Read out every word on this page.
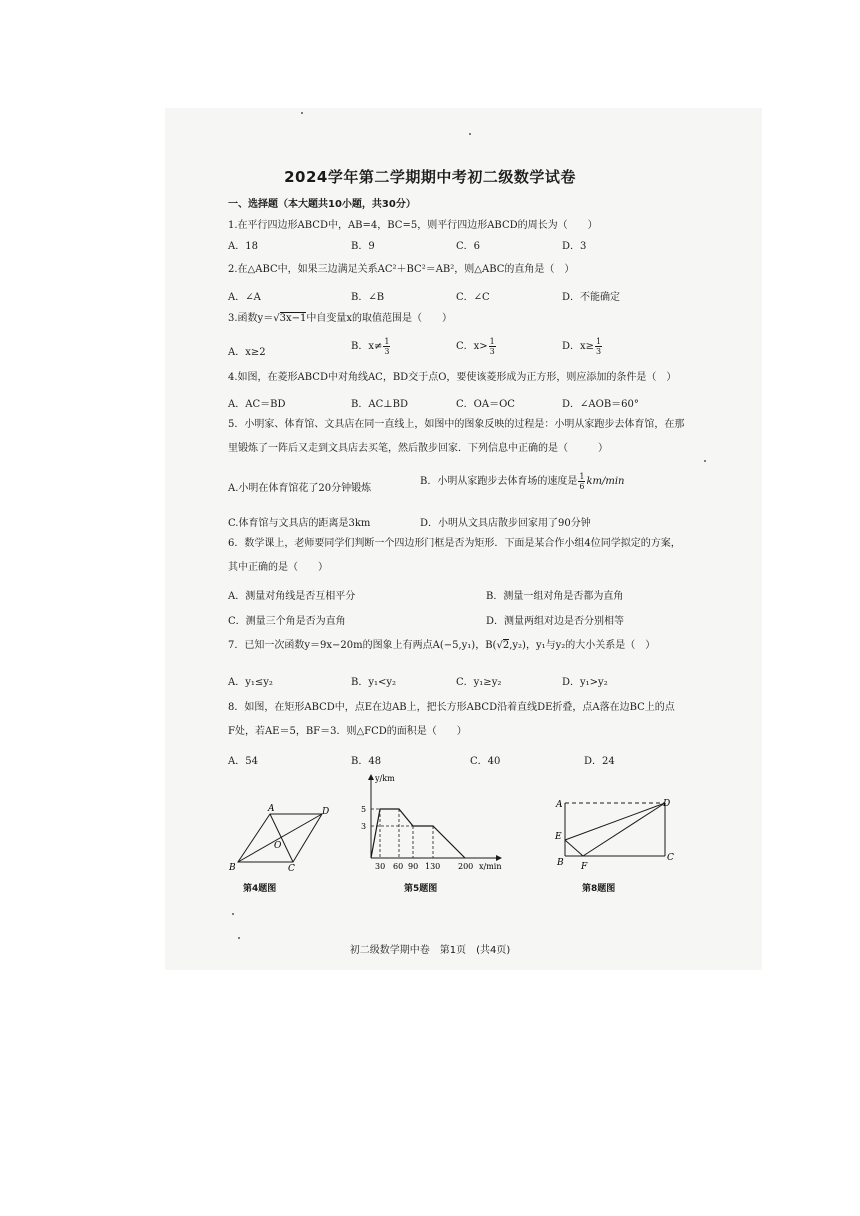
2024学年第二学期期中考初二级数学试卷
一、选择题（本大题共10小题，共30分）
1.在平行四边形ABCD中，AB=4，BC=5，则平行四边形ABCD的周长为（　　）
A．18	B．9	C．6	D．3
2.在△ABC中，如果三边满足关系AC²＋BC²＝AB²，则△ABC的直角是（　）
A．∠A	B．∠B	C．∠C	D．不能确定
3.函数y＝√3x−1中自变量x的取值范围是（　　）
A．x≥2
B．$x\ne \frac{1}{3}$	C．$x> \frac{1}{3}$	D．$x\ge \frac{1}{3}$
4.如图，在菱形ABCD中对角线AC，BD交于点O，要使该菱形成为正方形，则应添加的条件是（　）
A．AC＝BD	B．AC⊥BD	C．OA＝OC	D．∠AOB＝60°
5．小明家、体育馆、文具店在同一直线上，如图中的图象反映的过程是：小明从家跑步去体育馆，在那
里锻炼了一阵后又走到文具店去买笔，然后散步回家．下列信息中正确的是（　　　）
A.小明在体育馆花了20分钟锻炼
B．小明从家跑步去体育场的速度是 $\frac{1}{6} km/\min$
C.体育馆与文具店的距离是3km	D．小明从文具店散步回家用了90分钟
6．数学课上，老师要同学们判断一个四边形门框是否为矩形．下面是某合作小组4位同学拟定的方案，
其中正确的是（　　）
A．测量对角线是否互相平分	B．测量一组对角是否都为直角
C．测量三个角是否为直角	D．测量两组对边是否分别相等
7．已知一次函数y＝9x−20m的图象上有两点A(−5,y₁)，B(√2,y₂)，y₁与y₂的大小关系是（　）
A．y₁≤y₂	B．y₁<y₂	C．y₁≥y₂	D．y₁>y₂
8．如图，在矩形ABCD中，点E在边AB上，把长方形ABCD沿着直线DE折叠，点A落在边BC上的点
F处，若AE＝5，BF＝3．则△FCD的面积是（　　）
A．54	B．48	C．40	D．24
A
B	C
D
O
第4题图
y/km
5
3
30 60 90 130 200 x/min
第5题图
A
B	C
D
E
F
第8题图
初二级数学期中卷　第1页　(共4页)
